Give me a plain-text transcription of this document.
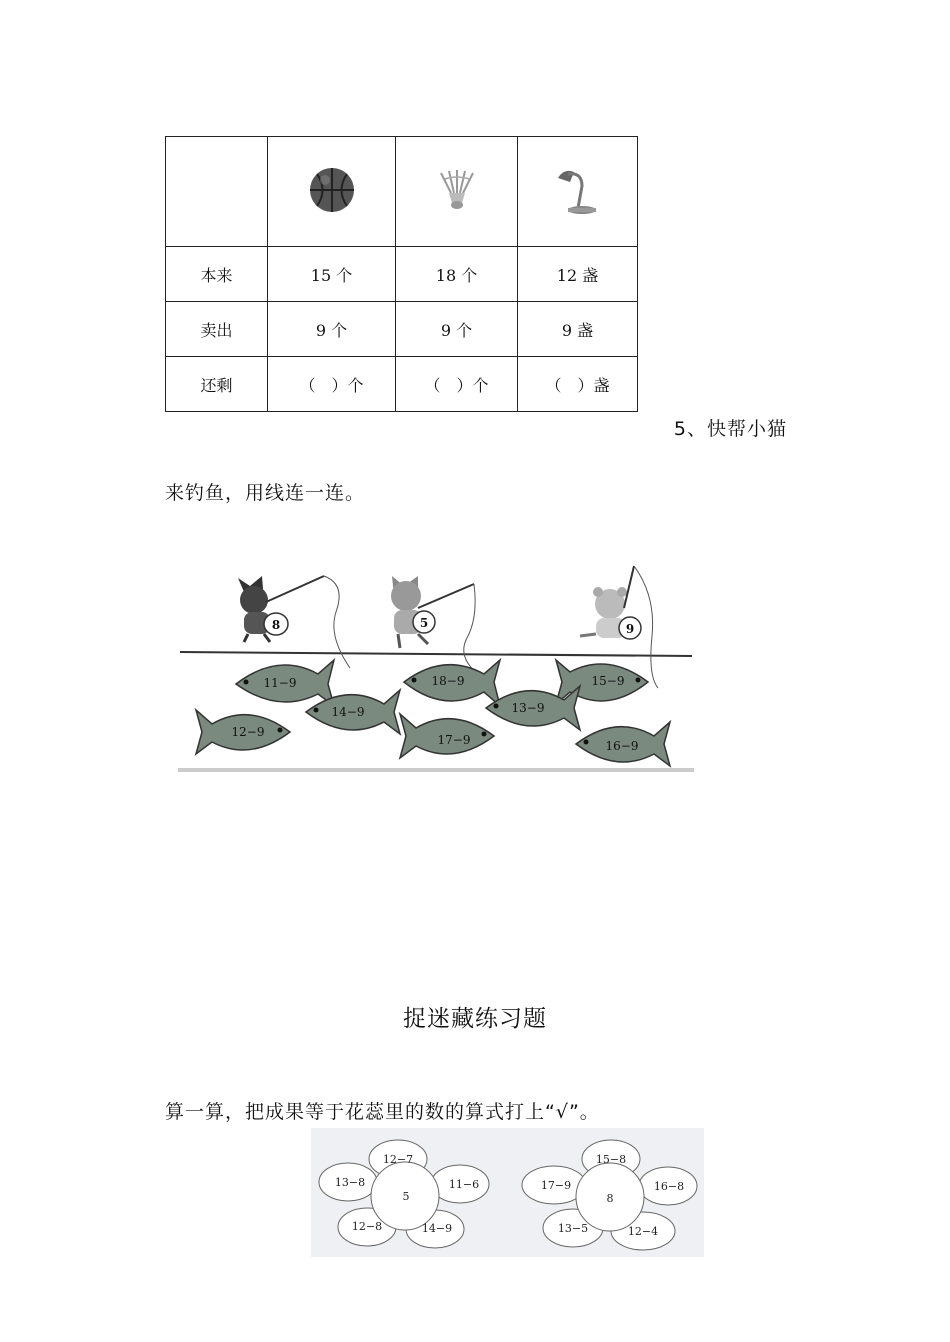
本来	15 个	18 个	12 盏
卖出	9 个	9 个	9 盏
还剩	（　）个	（　）个	（　）盏
5、快帮小猫
来钓鱼，用线连一连。
8	5	9
11−9	18−9	15−9
14−9	13−9
12−9
17−9	16−9
捉迷藏练习题
算一算，把成果等于花蕊里的数的算式打上“√”。
12−7
11−6
14−9
12−8
13−8
5
15−8
16−8
12−4
13−5
17−9
8
